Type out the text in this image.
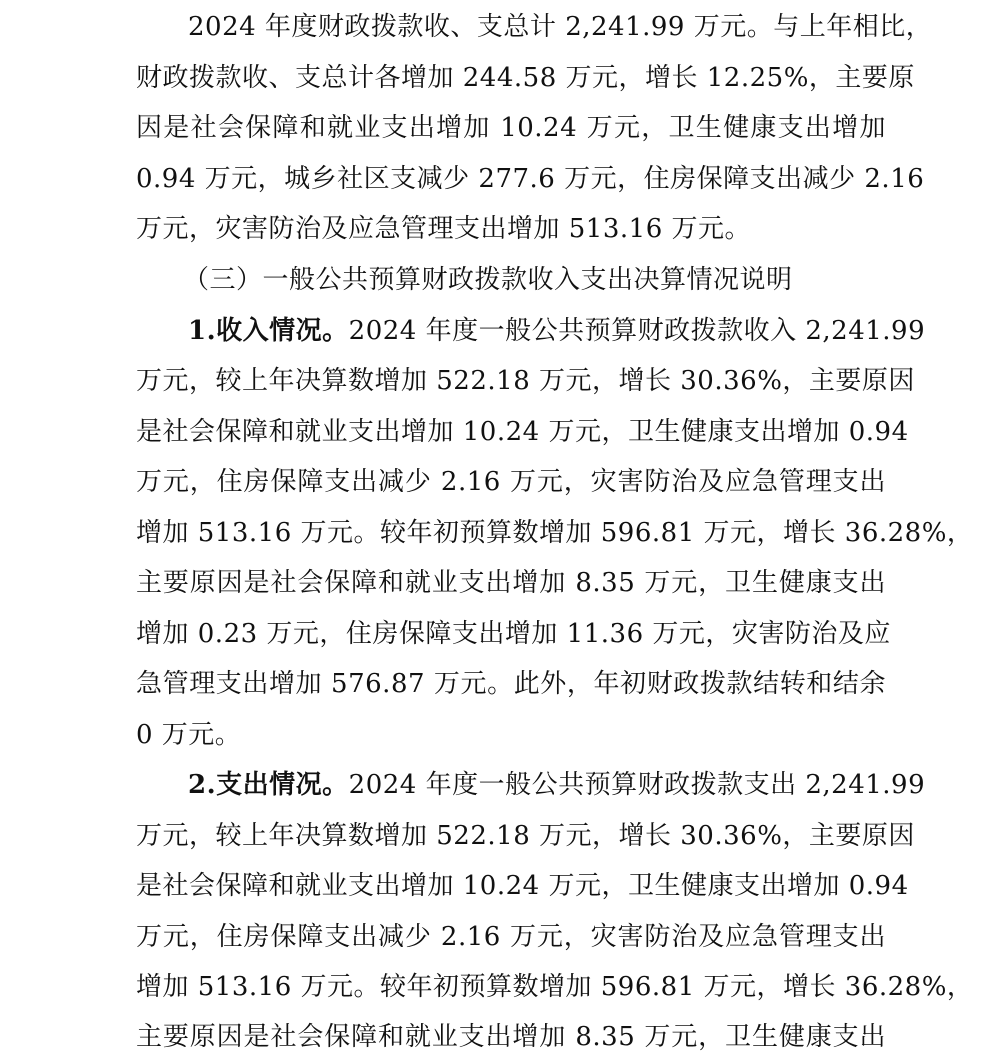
2024 年度财政拨款收、支总计 2,241.99 万元。与上年相比，
财政拨款收、支总计各增加 244.58 万元，增长 12.25%，主要原
因是社会保障和就业支出增加 10.24 万元，卫生健康支出增加
0.94 万元，城乡社区支减少 277.6 万元，住房保障支出减少 2.16
万元，灾害防治及应急管理支出增加 513.16 万元。
（三）一般公共预算财政拨款收入支出决算情况说明
1.收入情况。2024 年度一般公共预算财政拨款收入 2,241.99
万元，较上年决算数增加 522.18 万元，增长 30.36%，主要原因
是社会保障和就业支出增加 10.24 万元，卫生健康支出增加 0.94
万元，住房保障支出减少 2.16 万元，灾害防治及应急管理支出
增加 513.16 万元。较年初预算数增加 596.81 万元，增长 36.28%，
主要原因是社会保障和就业支出增加 8.35 万元，卫生健康支出
增加 0.23 万元，住房保障支出增加 11.36 万元，灾害防治及应
急管理支出增加 576.87 万元。此外，年初财政拨款结转和结余
0 万元。
2.支出情况。2024 年度一般公共预算财政拨款支出 2,241.99
万元，较上年决算数增加 522.18 万元，增长 30.36%，主要原因
是社会保障和就业支出增加 10.24 万元，卫生健康支出增加 0.94
万元，住房保障支出减少 2.16 万元，灾害防治及应急管理支出
增加 513.16 万元。较年初预算数增加 596.81 万元，增长 36.28%，
主要原因是社会保障和就业支出增加 8.35 万元，卫生健康支出
